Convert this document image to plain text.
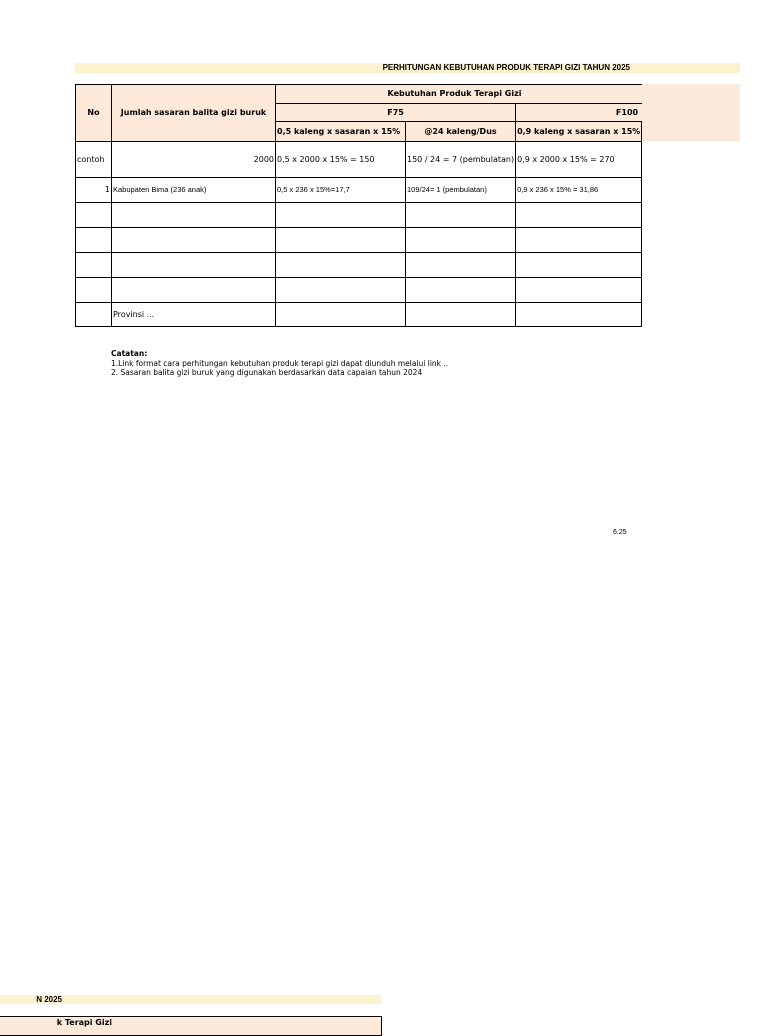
PERHITUNGAN KEBUTUHAN PRODUK TERAPI GIZI TAHUN 2025
No	Jumlah sasaran balita gizi buruk	Kebutuhan Produk Terapi Gizi		

		F75		F100

		0,5 kaleng x sasaran x 15%	@24 kaleng/Dus	0,9 kaleng x sasaran x 15%
contoh	2000	0,5 x 2000 x 15% = 150	150 / 24 = 7 (pembulatan)	0,9 x 2000 x 15% = 270
1	Kabupaten Bima (236 anak)	0,5 x 236 x 15%=17,7	109/24= 1 (pembulatan)	0,9 x 236 x 15% = 31,86

	Provinsi ...			
Catatan:
1.Link format cara perhitungan kebutuhan produk terapi gizi dapat diunduh melalui link ..
2. Sasaran balita gizi buruk yang digunakan berdasarkan data capaian tahun 2024
6.25
N 2025
k Terapi Gizi
